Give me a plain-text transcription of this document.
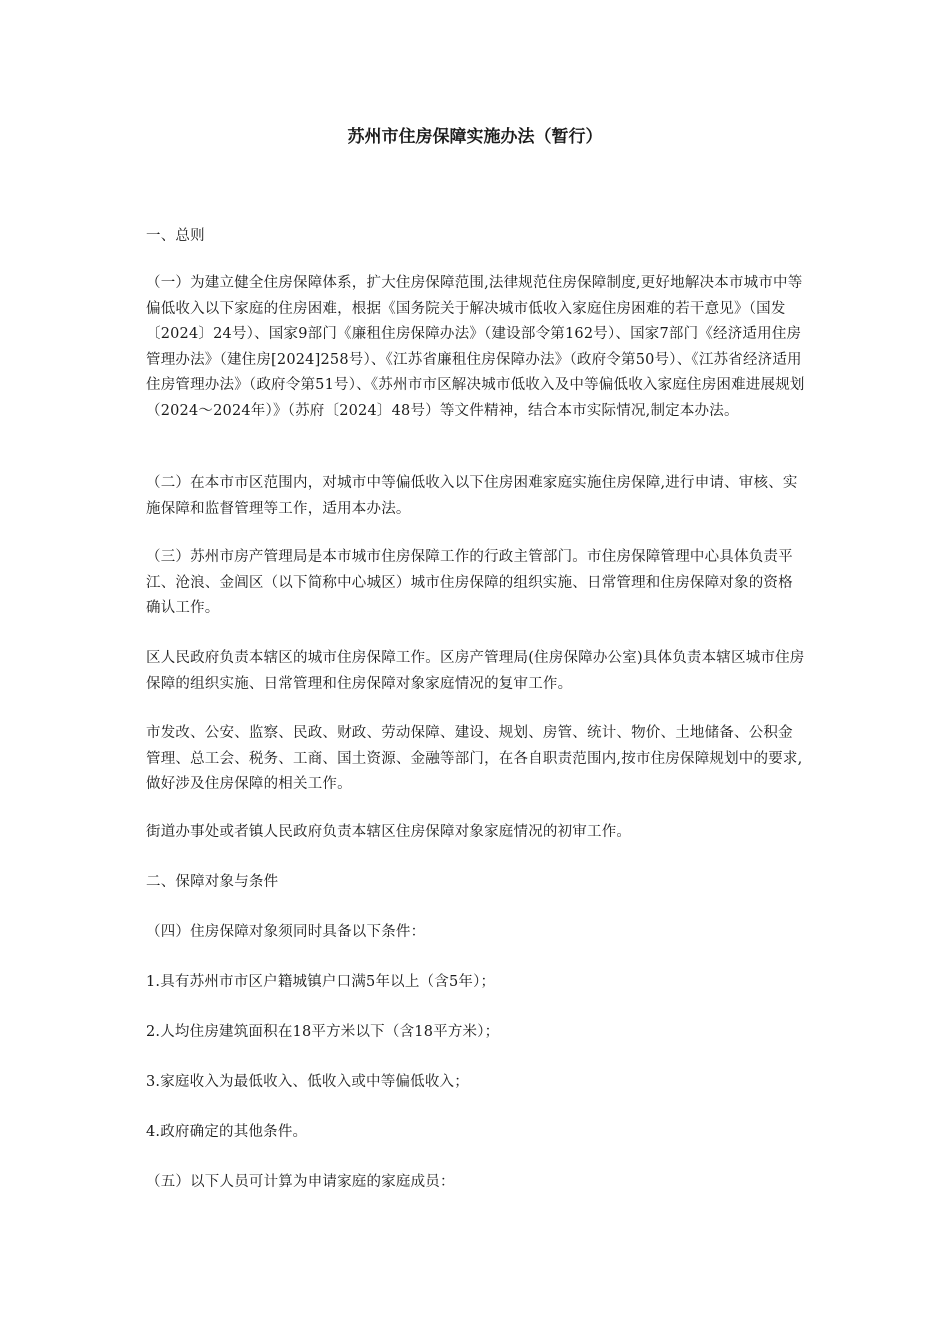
苏州市住房保障实施办法（暂行）

一、总则

（一）为建立健全住房保障体系，扩大住房保障范围,法律规范住房保障制度,更好地解决本市城市中等偏低收入以下家庭的住房困难，根据《国务院关于解决城市低收入家庭住房困难的若干意见》（国发〔2024〕24号）、国家9部门《廉租住房保障办法》（建设部令第162号）、国家7部门《经济适用住房管理办法》（建住房[2024]258号）、《江苏省廉租住房保障办法》（政府令第50号）、《江苏省经济适用住房管理办法》（政府令第51号）、《苏州市市区解决城市低收入及中等偏低收入家庭住房困难进展规划（2024～2024年）》（苏府〔2024〕48号）等文件精神，结合本市实际情况,制定本办法。

（二）在本市市区范围内，对城市中等偏低收入以下住房困难家庭实施住房保障,进行申请、审核、实施保障和监督管理等工作，适用本办法。

（三）苏州市房产管理局是本市城市住房保障工作的行政主管部门。市住房保障管理中心具体负责平江、沧浪、金阊区（以下简称中心城区）城市住房保障的组织实施、日常管理和住房保障对象的资格确认工作。

区人民政府负责本辖区的城市住房保障工作。区房产管理局(住房保障办公室)具体负责本辖区城市住房保障的组织实施、日常管理和住房保障对象家庭情况的复审工作。

市发改、公安、监察、民政、财政、劳动保障、建设、规划、房管、统计、物价、土地储备、公积金管理、总工会、税务、工商、国土资源、金融等部门，在各自职责范围内,按市住房保障规划中的要求,做好涉及住房保障的相关工作。

街道办事处或者镇人民政府负责本辖区住房保障对象家庭情况的初审工作。

二、保障对象与条件

（四）住房保障对象须同时具备以下条件：

1.具有苏州市市区户籍城镇户口满5年以上（含5年）；

2.人均住房建筑面积在18平方米以下（含18平方米）；

3.家庭收入为最低收入、低收入或中等偏低收入；

4.政府确定的其他条件。

（五）以下人员可计算为申请家庭的家庭成员：
